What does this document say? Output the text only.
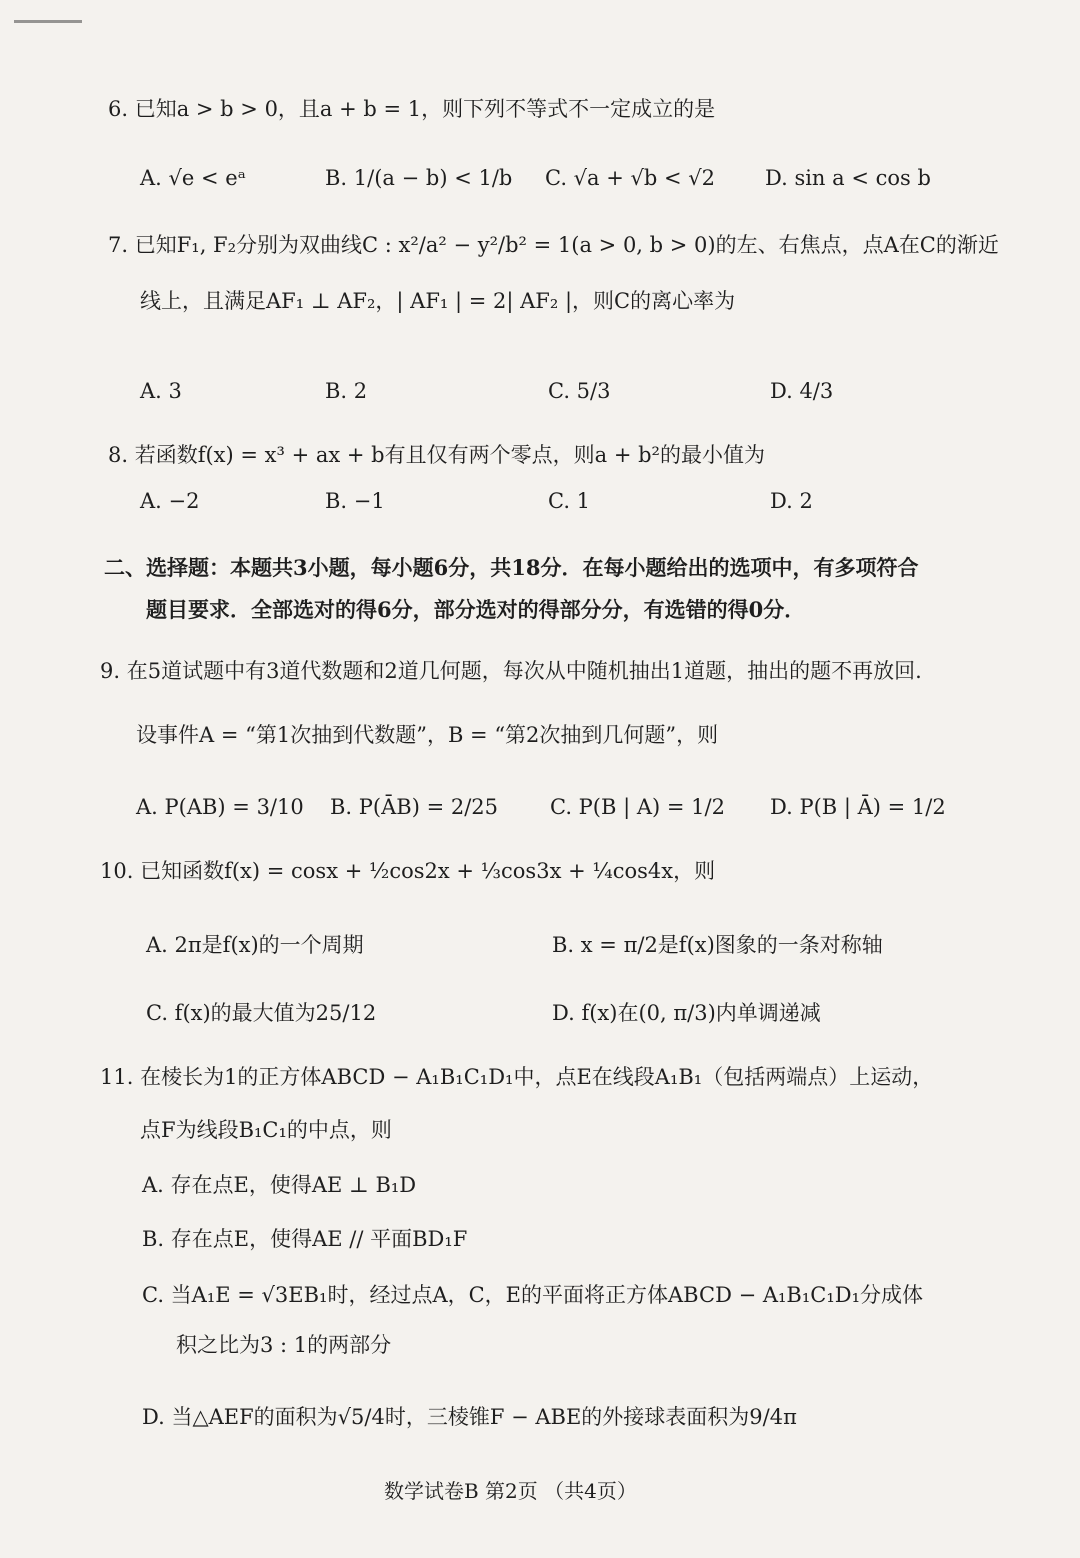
6. 已知a > b > 0，且a + b = 1，则下列不等式不一定成立的是
A. √e < eᵃ	B. 1/(a − b) < 1/b C. √a + √b < √2 D. sin a < cos b
7. 已知F₁, F₂分别为双曲线C : x²/a² − y²/b² = 1(a > 0, b > 0)的左、右焦点，点A在C的渐近
线上，且满足AF₁ ⊥ AF₂，| AF₁ | = 2| AF₂ |，则C的离心率为
A. 3	B. 2	C. 5/3	D. 4/3
8. 若函数f(x) = x³ + ax + b有且仅有两个零点，则a + b²的最小值为
A. −2	B. −1	C. 1	D. 2
二、选择题：本题共3小题，每小题6分，共18分．在每小题给出的选项中，有多项符合
题目要求．全部选对的得6分，部分选对的得部分分，有选错的得0分．
9. 在5道试题中有3道代数题和2道几何题，每次从中随机抽出1道题，抽出的题不再放回.
设事件A = “第1次抽到代数题”，B = “第2次抽到几何题”，则
A. P(AB) = 3/10 B. P(ĀB) = 2/25 C. P(B | A) = 1/2 D. P(B | Ā) = 1/2
10. 已知函数f(x) = cosx + ½cos2x + ⅓cos3x + ¼cos4x，则
A. 2π是f(x)的一个周期	B. x = π/2是f(x)图象的一条对称轴
C. f(x)的最大值为25/12	D. f(x)在(0, π/3)内单调递减
11. 在棱长为1的正方体ABCD − A₁B₁C₁D₁中，点E在线段A₁B₁（包括两端点）上运动，
点F为线段B₁C₁的中点，则
A. 存在点E，使得AE ⊥ B₁D
B. 存在点E，使得AE // 平面BD₁F
C. 当A₁E = √3EB₁时，经过点A，C，E的平面将正方体ABCD − A₁B₁C₁D₁分成体
积之比为3 : 1的两部分
D. 当△AEF的面积为√5/4时，三棱锥F − ABE的外接球表面积为9/4π
数学试卷B 第2页 （共4页）
